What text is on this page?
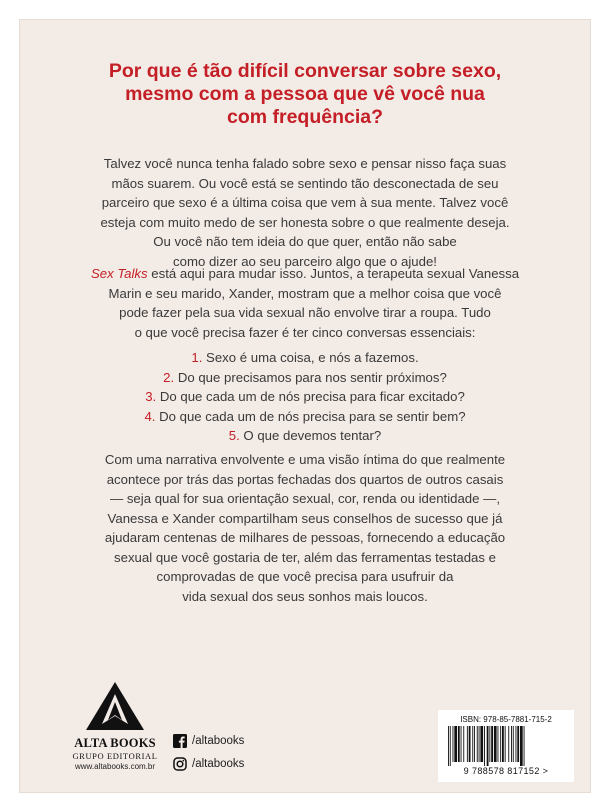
Por que é tão difícil conversar sobre sexo,
mesmo com a pessoa que vê você nua
com frequência?
Talvez você nunca tenha falado sobre sexo e pensar nisso faça suas
mãos suarem. Ou você está se sentindo tão desconectada de seu
parceiro que sexo é a última coisa que vem à sua mente. Talvez você
esteja com muito medo de ser honesta sobre o que realmente deseja.
Ou você não tem ideia do que quer, então não sabe
como dizer ao seu parceiro algo que o ajude!
Sex Talks está aqui para mudar isso. Juntos, a terapeuta sexual Vanessa
Marin e seu marido, Xander, mostram que a melhor coisa que você
pode fazer pela sua vida sexual não envolve tirar a roupa. Tudo
o que você precisa fazer é ter cinco conversas essenciais:
1. Sexo é uma coisa, e nós a fazemos.
2. Do que precisamos para nos sentir próximos?
3. Do que cada um de nós precisa para ficar excitado?
4. Do que cada um de nós precisa para se sentir bem?
5. O que devemos tentar?
Com uma narrativa envolvente e uma visão íntima do que realmente
acontece por trás das portas fechadas dos quartos de outros casais
— seja qual for sua orientação sexual, cor, renda ou identidade —,
Vanessa e Xander compartilham seus conselhos de sucesso que já
ajudaram centenas de milhares de pessoas, fornecendo a educação
sexual que você gostaria de ter, além das ferramentas testadas e
comprovadas de que você precisa para usufruir da
vida sexual dos seus sonhos mais loucos.
ALTA BOOKS
GRUPO EDITORIAL
www.altabooks.com.br
/altabooks
/altabooks
ISBN: 978-85-7881-715-2
9 788578 817152 >
